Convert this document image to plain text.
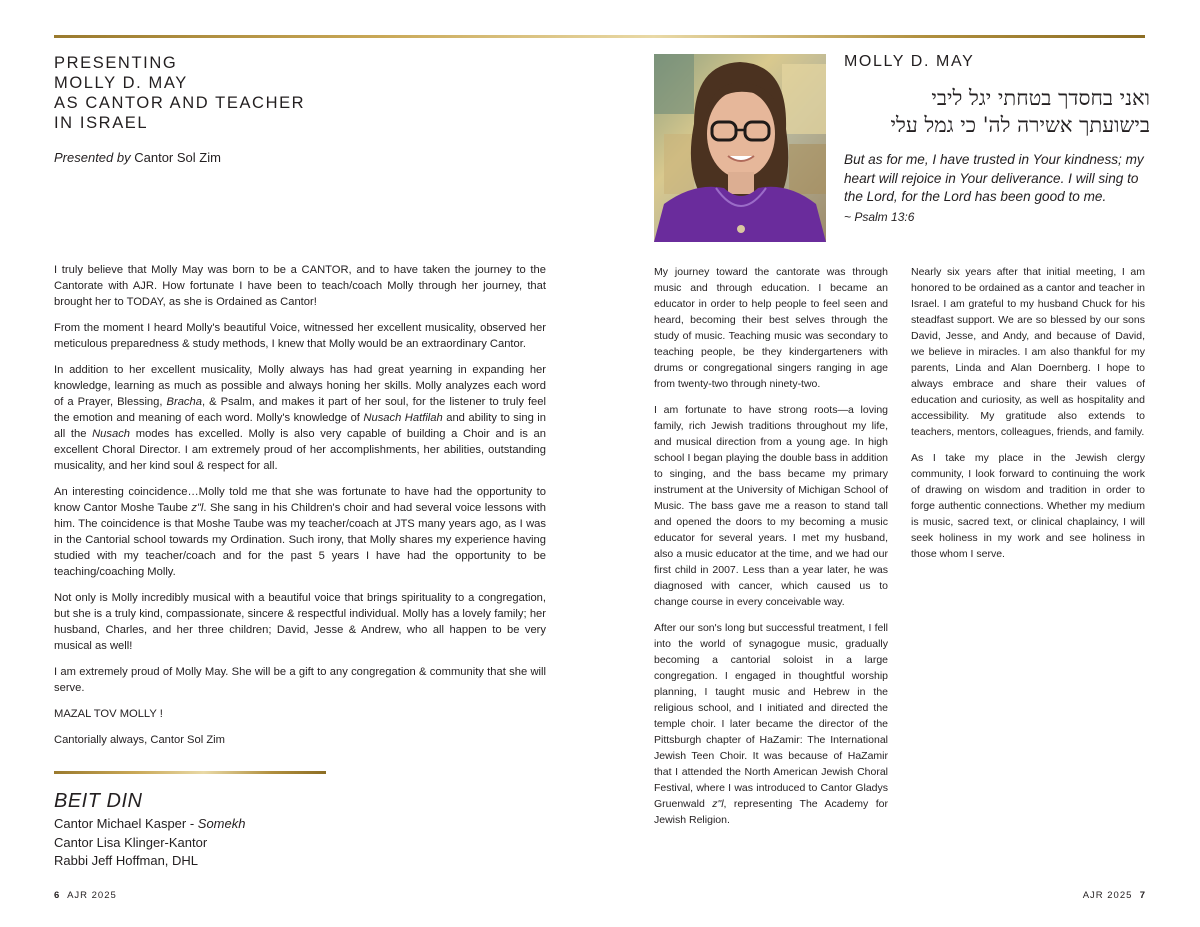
PRESENTING
MOLLY D. MAY
AS CANTOR AND TEACHER
IN ISRAEL
Presented by Cantor Sol Zim

I truly believe that Molly May was born to be a CANTOR, and to have taken the journey to the Cantorate with AJR. How fortunate I have been to teach/coach Molly through her journey, that brought her to TODAY, as she is Ordained as Cantor!

From the moment I heard Molly's beautiful Voice, witnessed her excellent musicality, observed her meticulous preparedness & study methods, I knew that Molly would be an extraordinary Cantor.

In addition to her excellent musicality, Molly always has had great yearning in expanding her knowledge, learning as much as possible and always honing her skills. Molly analyzes each word of a Prayer, Blessing, Bracha, & Psalm, and makes it part of her soul, for the listener to truly feel the emotion and meaning of each word. Molly's knowledge of Nusach Hatfilah and ability to sing in all the Nusach modes has excelled. Molly is also very capable of building a Choir and is an excellent Choral Director. I am extremely proud of her accomplishments, her abilities, outstanding musicality, and her kind soul & respect for all.

An interesting coincidence…Molly told me that she was fortunate to have had the opportunity to know Cantor Moshe Taube z"l. She sang in his Children's choir and had several voice lessons with him. The coincidence is that Moshe Taube was my teacher/coach at JTS many years ago, as I was in the Cantorial school towards my Ordination. Such irony, that Molly shares my experience having studied with my teacher/coach and for the past 5 years I have had the opportunity to be teaching/coaching Molly.

Not only is Molly incredibly musical with a beautiful voice that brings spirituality to a congregation, but she is a truly kind, compassionate, sincere & respectful individual. Molly has a lovely family; her husband, Charles, and her three children; David, Jesse & Andrew, who all happen to be very musical as well!

I am extremely proud of Molly May. She will be a gift to any congregation & community that she will serve.

MAZAL TOV MOLLY !

Cantorially always, Cantor Sol Zim

BEIT DIN
Cantor Michael Kasper - Somekh
Cantor Lisa Klinger-Kantor
Rabbi Jeff Hoffman, DHL
6 AJR 2025
MOLLY D. MAY
ואני בחסדך בטחתי יגל ליבי
בישועתך אשירה לה' כי גמל עלי
But as for me, I have trusted in Your kindness; my heart will rejoice in Your deliverance. I will sing to the Lord, for the Lord has been good to me.
~ Psalm 13:6

My journey toward the cantorate was through music and through education. I became an educator in order to help people to feel seen and heard, becoming their best selves through the study of music. Teaching music was secondary to teaching people, be they kindergarteners with drums or congregational singers ranging in age from twenty-two through ninety-two.

I am fortunate to have strong roots—a loving family, rich Jewish traditions throughout my life, and musical direction from a young age. In high school I began playing the double bass in addition to singing, and the bass became my primary instrument at the University of Michigan School of Music. The bass gave me a reason to stand tall and opened the doors to my becoming a music educator for several years. I met my husband, also a music educator at the time, and we had our first child in 2007. Less than a year later, he was diagnosed with cancer, which caused us to change course in every conceivable way.

After our son's long but successful treatment, I fell into the world of synagogue music, gradually becoming a cantorial soloist in a large congregation. I engaged in thoughtful worship planning, I taught music and Hebrew in the religious school, and I initiated and directed the temple choir. I later became the director of the Pittsburgh chapter of HaZamir: The International Jewish Teen Choir. It was because of HaZamir that I attended the North American Jewish Choral Festival, where I was introduced to Cantor Gladys Gruenwald z"l, representing The Academy for Jewish Religion.

Nearly six years after that initial meeting, I am honored to be ordained as a cantor and teacher in Israel. I am grateful to my husband Chuck for his steadfast support. We are so blessed by our sons David, Jesse, and Andy, and because of David, we believe in miracles. I am also thankful for my parents, Linda and Alan Doernberg. I hope to always embrace and share their values of education and curiosity, as well as hospitality and accessibility. My gratitude also extends to teachers, mentors, colleagues, friends, and family.

As I take my place in the Jewish clergy community, I look forward to continuing the work of drawing on wisdom and tradition in order to forge authentic connections. Whether my medium is music, sacred text, or clinical chaplaincy, I will seek holiness in my work and see holiness in those whom I serve.

AJR 2025 7
